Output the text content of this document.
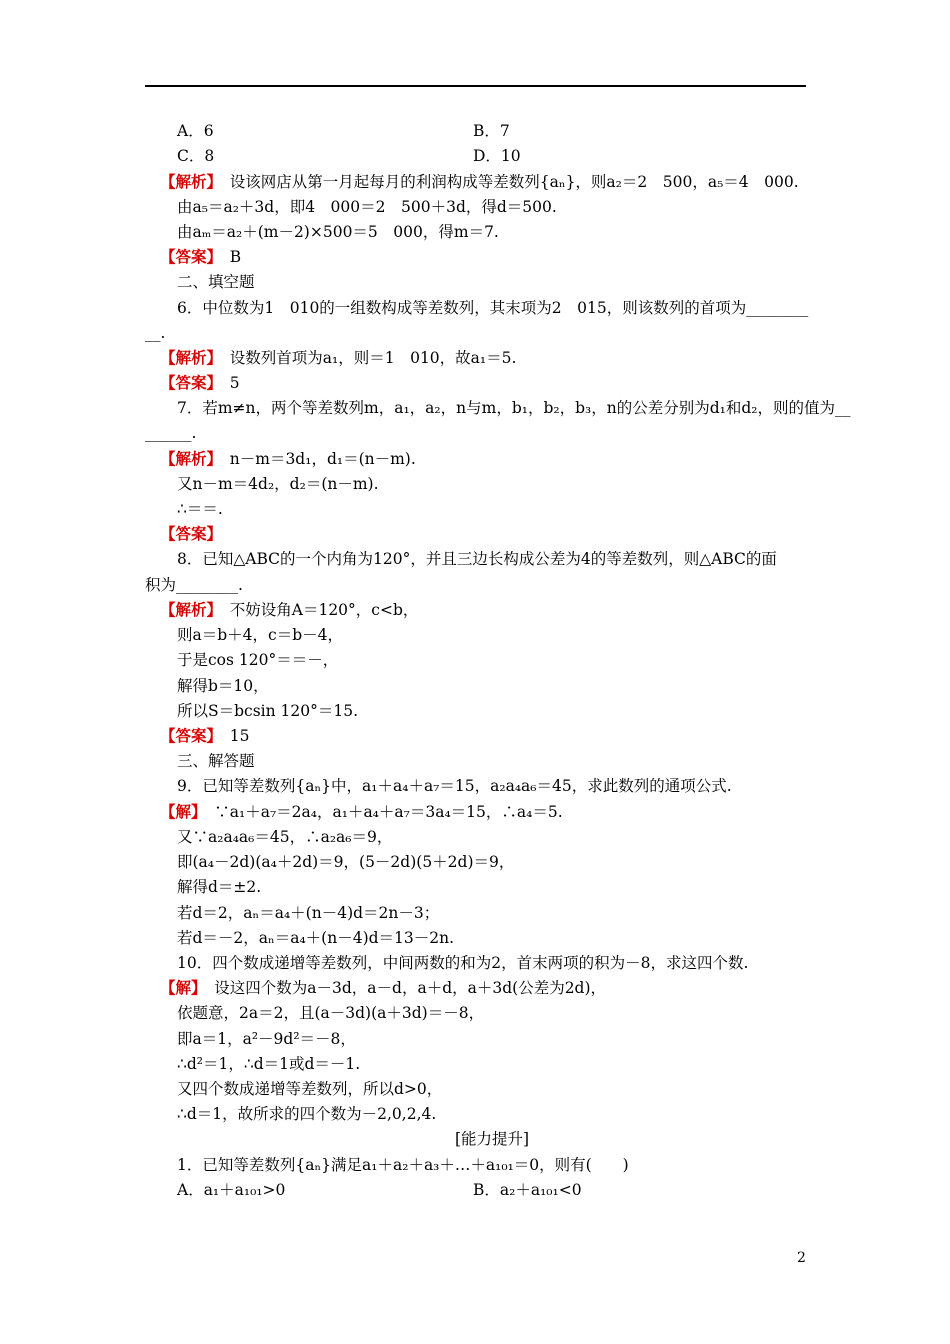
A．6	B．7
C．8	D．10
【解析】　设该网店从第一月起每月的利润构成等差数列{aₙ}，则a₂＝2　500，a₅＝4　000.
由a₅＝a₂＋3d，即4　000＝2　500＋3d，得d＝500.
由aₘ＝a₂＋(m－2)×500＝5　000，得m＝7.
【答案】　B
二、填空题
6．中位数为1　010的一组数构成等差数列，其末项为2　015，则该数列的首项为________
__.
【解析】　设数列首项为a₁，则＝1　010，故a₁＝5.
【答案】　5
7．若m≠n，两个等差数列m，a₁，a₂，n与m，b₁，b₂，b₃，n的公差分别为d₁和d₂，则的值为__
______.
【解析】　n－m＝3d₁，d₁＝(n－m).
又n－m＝4d₂，d₂＝(n－m).
∴＝＝.
【答案】
8．已知△ABC的一个内角为120°，并且三边长构成公差为4的等差数列，则△ABC的面
积为________.
【解析】　不妨设角A＝120°，c<b，
则a＝b＋4，c＝b－4，
于是cos 120°＝＝－，
解得b＝10，
所以S＝bcsin 120°＝15.
【答案】　15
三、解答题
9．已知等差数列{aₙ}中，a₁＋a₄＋a₇＝15，a₂a₄a₆＝45，求此数列的通项公式.
【解】　∵a₁＋a₇＝2a₄，a₁＋a₄＋a₇＝3a₄＝15，∴a₄＝5.
又∵a₂a₄a₆＝45，∴a₂a₆＝9，
即(a₄－2d)(a₄＋2d)＝9，(5－2d)(5＋2d)＝9，
解得d＝±2.
若d＝2，aₙ＝a₄＋(n－4)d＝2n－3；
若d＝－2，aₙ＝a₄＋(n－4)d＝13－2n.
10．四个数成递增等差数列，中间两数的和为2，首末两项的积为－8，求这四个数.
【解】　设这四个数为a－3d，a－d，a＋d，a＋3d(公差为2d)，
依题意，2a＝2，且(a－3d)(a＋3d)＝－8，
即a＝1，a²－9d²＝－8，
∴d²＝1，∴d＝1或d＝－1.
又四个数成递增等差数列，所以d>0，
∴d＝1，故所求的四个数为－2,0,2,4.
[能力提升]
1．已知等差数列{aₙ}满足a₁＋a₂＋a₃＋…＋a₁₀₁＝0，则有(　　)
A．a₁＋a₁₀₁>0	B．a₂＋a₁₀₁<0
2
